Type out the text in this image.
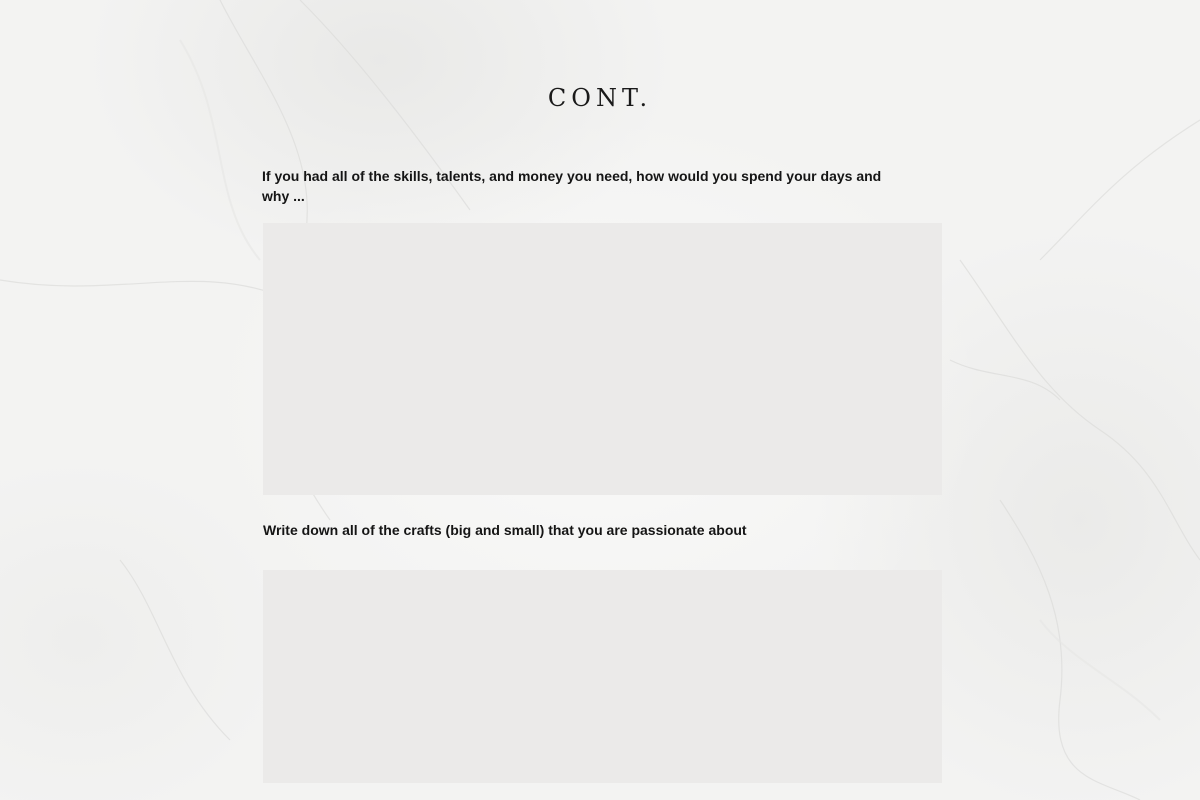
CONT.

If you had all of the skills, talents, and money you need, how would you spend your days and why ...

Write down all of the crafts (big and small) that you are passionate about
